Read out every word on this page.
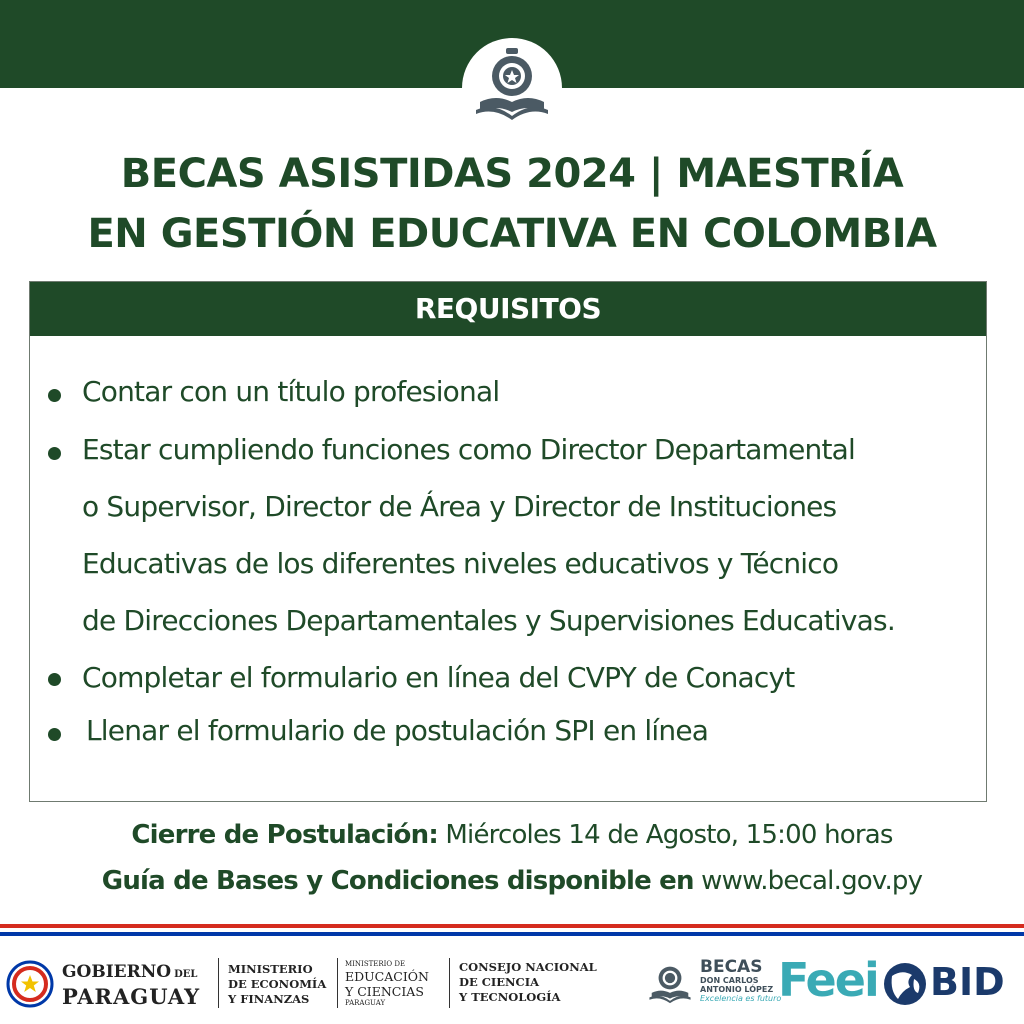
BECAS ASISTIDAS 2024 | MAESTRÍA
EN GESTIÓN EDUCATIVA EN COLOMBIA
REQUISITOS
Contar con un título profesional
Estar cumpliendo funciones como Director Departamental
o Supervisor, Director de Área y Director de Instituciones
Educativas de los diferentes niveles educativos y Técnico
de Direcciones Departamentales y Supervisiones Educativas.
Completar el formulario en línea del CVPY de Conacyt
Llenar el formulario de postulación SPI en línea
Cierre de Postulación: Miércoles 14 de Agosto, 15:00 horas
Guía de Bases y Condiciones disponible en www.becal.gov.py
GOBIERNO DEL
PARAGUAY
MINISTERIO
DE ECONOMÍA
Y FINANZAS
MINISTERIO DE
EDUCACIÓN
Y CIENCIAS
PARAGUAY
CONSEJO NACIONAL
DE CIENCIA
Y TECNOLOGÍA
BECAS
DON CARLOS
ANTONIO LÓPEZ
Excelencia es futuro
Feei BID
